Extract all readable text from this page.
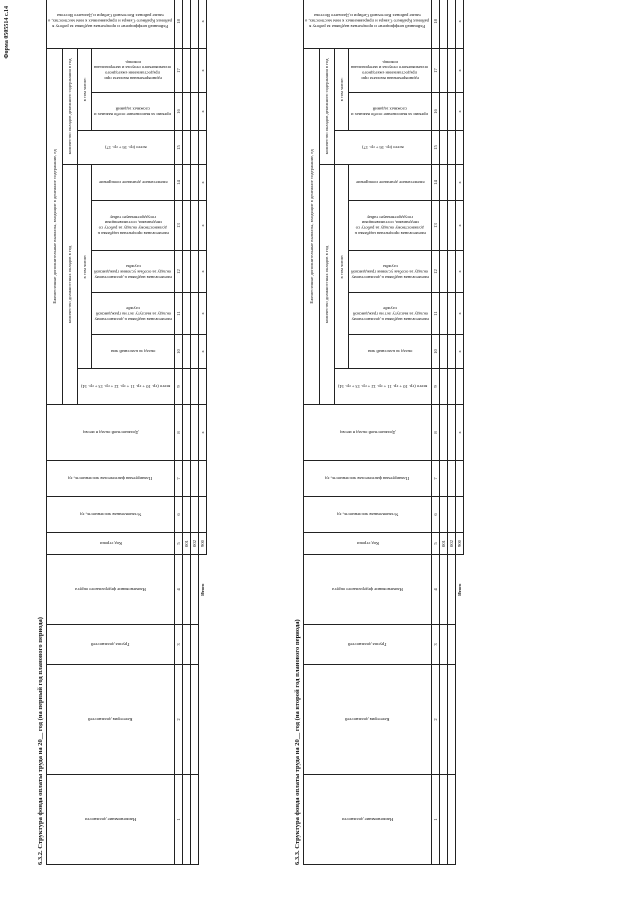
Форма 0505514 с.14
6.3.2. Структура фонда оплаты труда на 20__ год (на первый год планового периода)	Наименование должности	Категория должностей	Группа должностей	Наименование федерального округа	Код строки	Установленная численность, ед	Планируемая фактическая численность, ед	Должностной оклад в месяц	Ежемесячные дополнительные выплаты, входящие в денежное содержание, ед									Районный коэффициент и процентная надбавка за работу в районах Крайнего Севера и приравненных к ним местностях, а также районах Восточной Сибири и Дальнего Востока

								количество должностных окладов в год						количество окладов денежного содержания в год			

								всего (гр. 10 + гр. 11 + гр. 12 + гр. 13 + гр. 14)	в том числе:					всего (гр. 16 + гр. 17)	в том числе:		

									оклад за классный чин	ежемесячная надбавка к должностному окладу за выслугу лет на гражданской службе	ежемесячная надбавка к должностному окладу за особые условия гражданской службы	ежемесячная процентная надбавка к должностному окладу за работу со сведениями, составляющими государственную тайну	ежемесячное денежное поощрение		премии за выполнение особо важных и сложных заданий	единовременная выплата при предоставлении ежегодного оплачиваемого отпуска и материальная помощь	

1	2	3	4	5	6	7	8	9	10	11	12	13	14	15	16	17	18
				001													
				002													
			Итого	900			x		x	x	x	x	x		x	x	x
6.3.3. Структура фонда оплаты труда на 20__ год (на второй год планового периода)	Наименование должности	Категория должностей	Группа должностей	Наименование федерального округа	Код строки	Установленная численность, ед	Планируемая фактическая численность, ед	Должностной оклад в месяц	Ежемесячные дополнительные выплаты, входящие в денежное содержание, ед									Районный коэффициент и процентная надбавка за работу в районах Крайнего Севера и приравненных к ним местностях, а также районах Восточной Сибири и Дальнего Востока

								количество должностных окладов в год						количество окладов денежного содержания в год			

								всего (гр. 10 + гр. 11 + гр. 12 + гр. 13 + гр. 14)	в том числе:					всего (гр. 16 + гр. 17)	в том числе:		

									оклад за классный чин	ежемесячная надбавка к должностному окладу за выслугу лет на гражданской службе	ежемесячная надбавка к должностному окладу за особые условия гражданской службы	ежемесячная процентная надбавка к должностному окладу за работу со сведениями, составляющими государственную тайну	ежемесячное денежное поощрение		премии за выполнение особо важных и сложных заданий	единовременная выплата при предоставлении ежегодного оплачиваемого отпуска и материальная помощь	

1	2	3	4	5	6	7	8	9	10	11	12	13	14	15	16	17	18
				001													
				002													
			Итого	900			x		x	x	x	x	x		x	x	x
